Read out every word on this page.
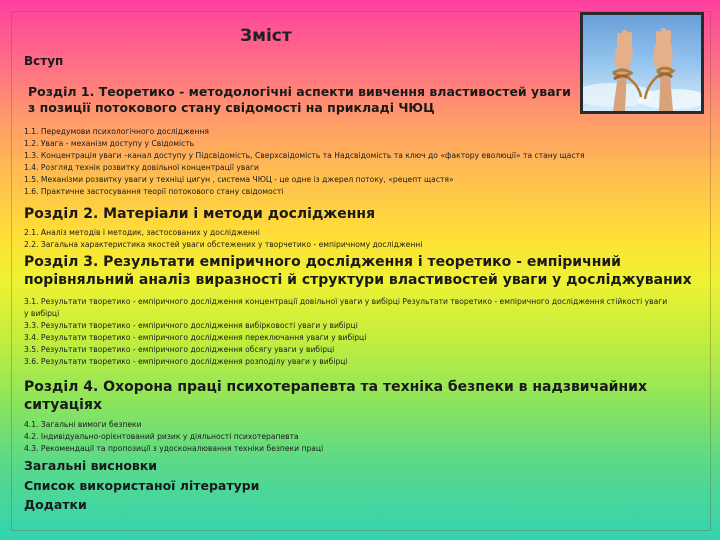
Зміст
Вступ
Розділ 1. Теоретико - методологічні аспекти вивчення властивостей уваги з позиції потокового стану свідомості на прикладі ЧЮЦ
1.1. Передумови психологічного дослідження
1.2. Увага - механізм доступу у Свідомість
1.3. Концентрація уваги –канал доступу у Підсвідомість, Сверхсвідомість та Надсвідомість та ключ до «фактору еволюції» та стану щастя
1.4. Розгляд технік розвитку довільної концентрації уваги
1.5. Механізми розвитку уваги у техніці цигун , система ЧЮЦ - це одне із джерел потоку, «рецепт щастя»
1.6. Практичне застосування теорії потокового стану свідомості
Розділ 2. Матеріали і методи дослідження
2.1. Аналіз методів і методик, застосованих у дослідженні
2.2. Загальна характеристика якостей уваги обстежених у творчетико - емпіричному дослідженні
Розділ 3. Результати емпіричного дослідження і теоретико - емпіричний порівняльний аналіз виразності й структури властивостей уваги у досліджуваних
3.1. Результати творетико - емпіричного дослідження концентрації довільної уваги у вибірці Результати творетико - емпіричного дослідження стійкості уваги у вибірці
3.3. Результати творетико - емпіричного дослідження вибірковості уваги у вибірці
3.4. Результати творетико - емпіричного дослідження переключання уваги у вибірці
3.5. Результати творетико - емпіричного дослідження обсягу уваги у вибірці
3.6. Результати творетико - емпіричного дослідження розподілу уваги у вибірці
Розділ 4. Охорона праці психотерапевта та техніка безпеки в надзвичайних ситуаціях
4.1. Загальні вимоги безпеки
4.2. Індивідуально-орієнтований ризик у діяльності психотерапевта
4.3. Рекомендації та пропозиції з удосконалювання техніки безпеки праці
Загальні висновки
Список використаної літератури
Додатки
